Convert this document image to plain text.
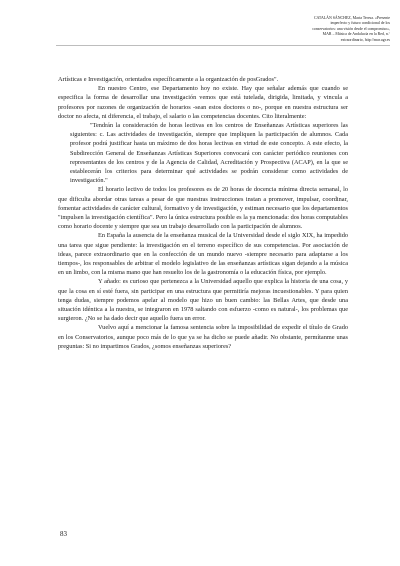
CATALÁN SÁNCHEZ, Marta Teresa. «Presente imperfecto y futuro condicional de los conservatorios: una visión desde el compromiso», MAR – Música de Andalucía en la Red, n.º extraordinario, http://mar.ugr.es

Artísticas e Investigación, orientados específicamente a la organización de posGrados".

En nuestro Centro, ese Departamento hoy no existe. Hay que señalar además que cuando se especifica la forma de desarrollar una investigación vemos que está tutelada, dirigida, limitada, y vincula a profesores por razones de organización de horarios -sean estos doctores o no-, porque en nuestra estructura ser doctor no afecta, ni diferencia, el trabajo, el salario o las competencias docentes. Cito literalmente:

"Tendrán la consideración de horas lectivas en los centros de Enseñanzas Artísticas superiores las siguientes: c. Las actividades de investigación, siempre que impliquen la participación de alumnos. Cada profesor podrá justificar hasta un máximo de dos horas lectivas en virtud de este concepto. A este efecto, la Subdirección General de Enseñanzas Artísticas Superiores convocará con carácter periódico reuniones con representantes de los centros y de la Agencia de Calidad, Acreditación y Prospectiva (ACAP), en la que se establecerán los criterios para determinar qué actividades se podrán considerar como actividades de investigación."

El horario lectivo de todos los profesores es de 20 horas de docencia mínima directa semanal, lo que dificulta abordar otras tareas a pesar de que nuestras instrucciones instan a promover, impulsar, coordinar, fomentar actividades de carácter cultural, formativo y de investigación, y estiman necesario que los departamentos "impulsen la investigación científica". Pero la única estructura posible es la ya mencionada: dos horas computables como horario docente y siempre que sea un trabajo desarrollado con la participación de alumnos.

En España la ausencia de la enseñanza musical de la Universidad desde el siglo XIX, ha impedido una tarea que sigue pendiente: la investigación en el terreno específico de sus competencias. Por asociación de ideas, parece extraordinario que en la confección de un mundo nuevo -siempre necesario para adaptarse a los tiempos-, los responsables de arbitrar el modelo legislativo de las enseñanzas artísticas sigan dejando a la música en un limbo, con la misma mano que han resuelto los de la gastronomía o la educación física, por ejemplo.

Y añado: es curioso que pertenezca a la Universidad aquello que explica la historia de una cosa, y que la cosa en sí esté fuera, sin participar en una estructura que permitiría mejoras incuestionables. Y para quien tenga dudas, siempre podemos apelar al modelo que hizo un buen cambio: las Bellas Artes, que desde una situación idéntica a la nuestra, se integraron en 1978 saltando con esfuerzo -como es natural-, los problemas que surgieron. ¿No se ha dado decir que aquello fuera un error.

Vuelvo aquí a mencionar la famosa sentencia sobre la imposibilidad de expedir el título de Grado en los Conservatorios, aunque poco más de lo que ya se ha dicho se puede añadir. No obstante, permítanme unas preguntas: Si no impartimos Grados, ¿somos enseñanzas superiores?

83
